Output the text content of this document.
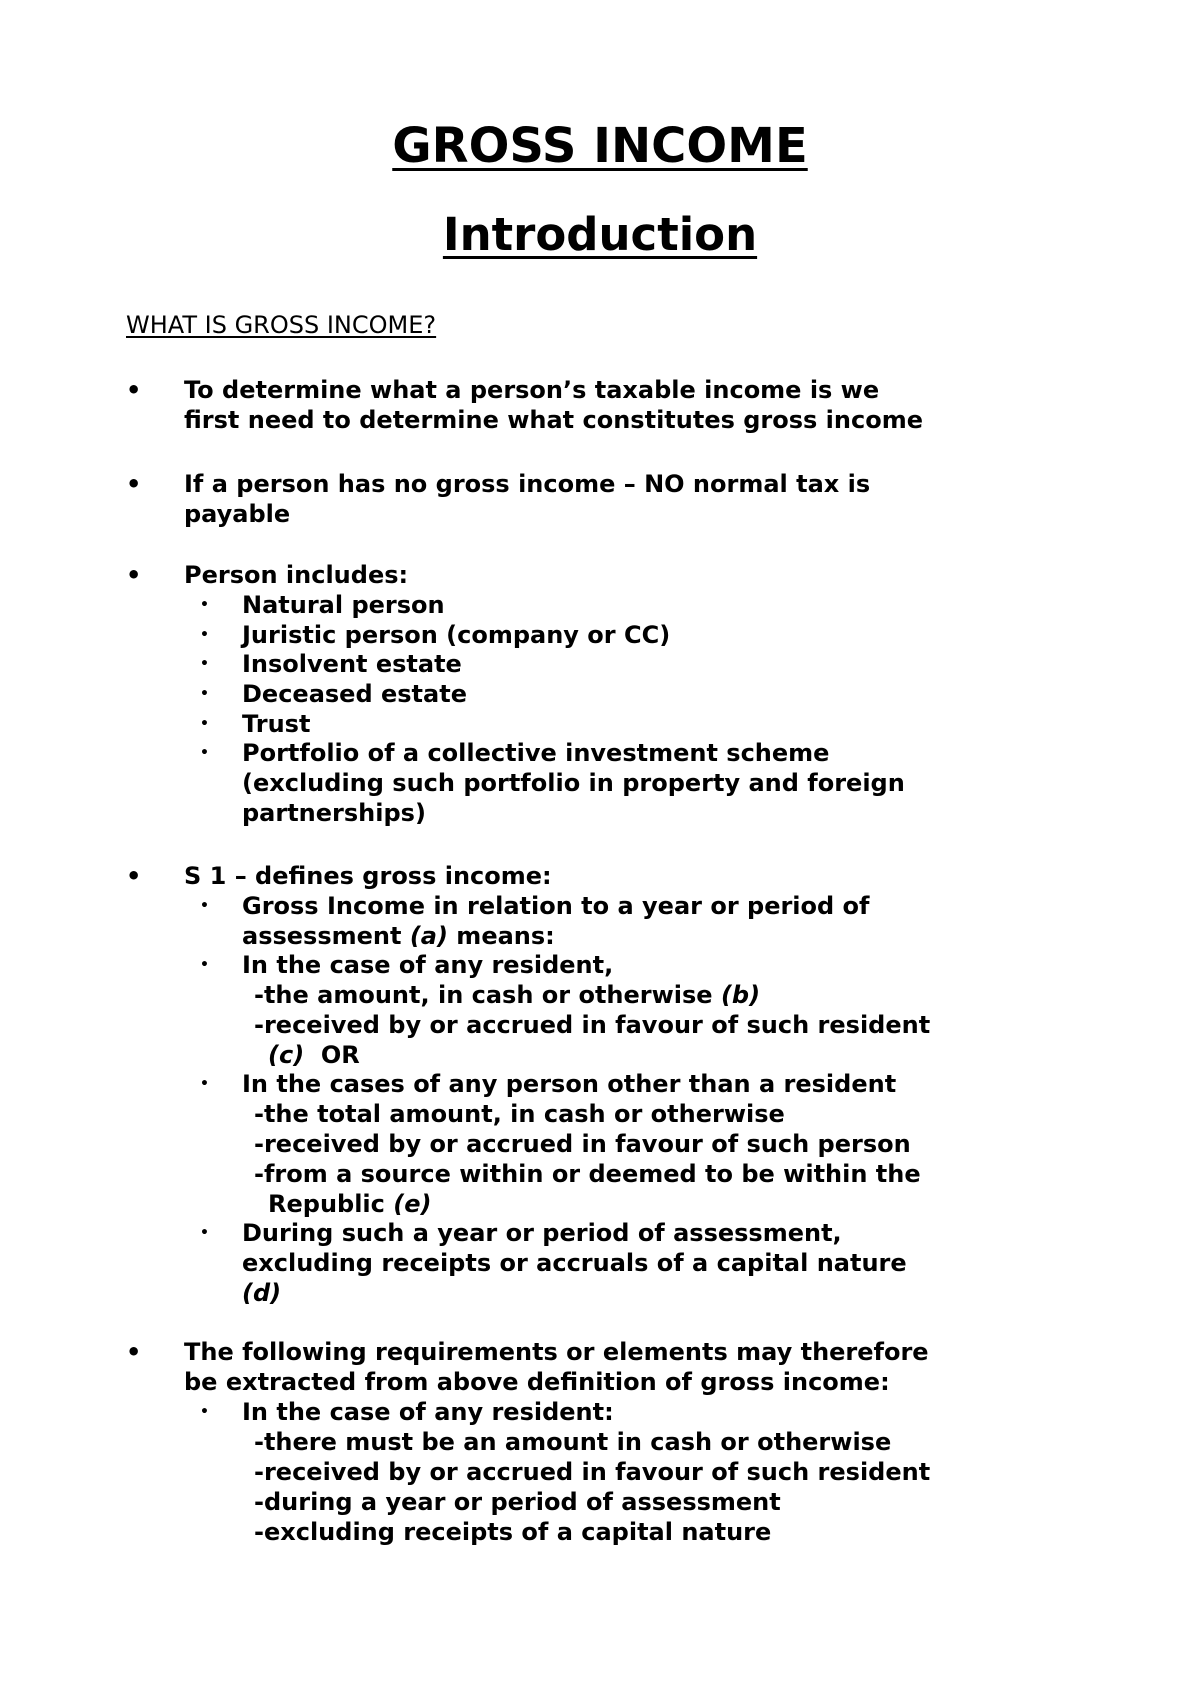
GROSS INCOME
Introduction
WHAT IS GROSS INCOME?
•	To determine what a person’s taxable income is we
first need to determine what constitutes gross income
•	If a person has no gross income – NO normal tax is
payable
•	Person includes:
• Natural person
• Juristic person (company or CC)
• Insolvent estate
• Deceased estate
• Trust
• Portfolio of a collective investment scheme
(excluding such portfolio in property and foreign
partnerships)
•	S 1 – defines gross income:
• Gross Income in relation to a year or period of
assessment (a) means:
• In the case of any resident,
-the amount, in cash or otherwise (b)
-received by or accrued in favour of such resident
(c)  OR
• In the cases of any person other than a resident
-the total amount, in cash or otherwise
-received by or accrued in favour of such person
-from a source within or deemed to be within the
Republic (e)
• During such a year or period of assessment,
excluding receipts or accruals of a capital nature
(d)
•	The following requirements or elements may therefore
be extracted from above definition of gross income:
• In the case of any resident:
-there must be an amount in cash or otherwise
-received by or accrued in favour of such resident
-during a year or period of assessment
-excluding receipts of a capital nature
